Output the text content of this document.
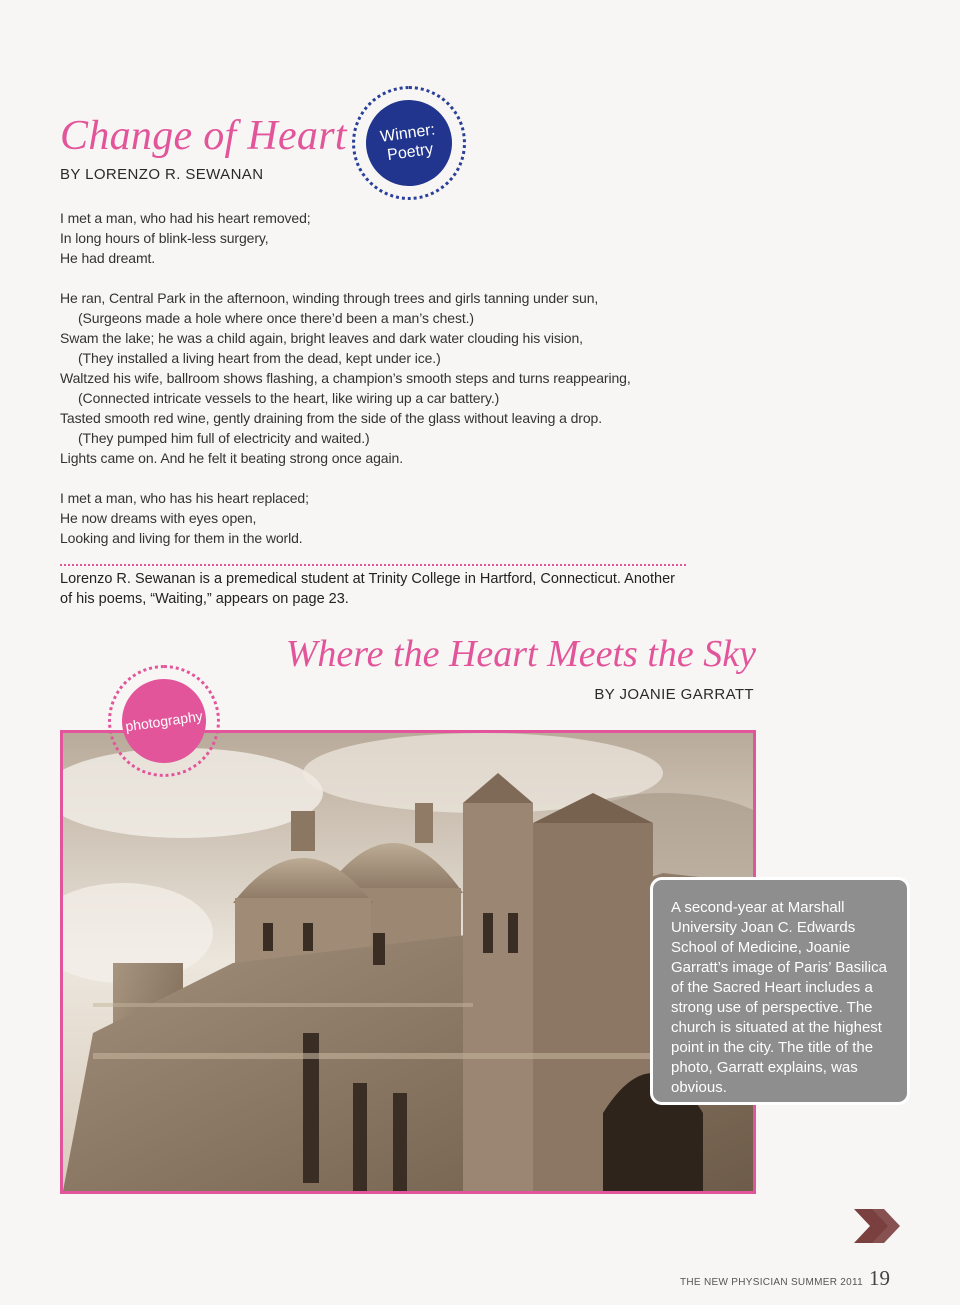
Change of Heart
BY LORENZO R. SEWANAN
Winner:
Poetry
I met a man, who had his heart removed;
In long hours of blink-less surgery,
He had dreamt.
He ran, Central Park in the afternoon, winding through trees and girls tanning under sun,
(Surgeons made a hole where once there’d been a man’s chest.)
Swam the lake; he was a child again, bright leaves and dark water clouding his vision,
(They installed a living heart from the dead, kept under ice.)
Waltzed his wife, ballroom shows flashing, a champion’s smooth steps and turns reappearing,
(Connected intricate vessels to the heart, like wiring up a car battery.)
Tasted smooth red wine, gently draining from the side of the glass without leaving a drop.
(They pumped him full of electricity and waited.)
Lights came on. And he felt it beating strong once again.
I met a man, who has his heart replaced;
He now dreams with eyes open,
Looking and living for them in the world.
Lorenzo R. Sewanan is a premedical student at Trinity College in Hartford, Connecticut. Another of his poems, “Waiting,” appears on page 23.
Where the Heart Meets the Sky
BY JOANIE GARRATT
photography
A second-year at Marshall University Joan C. Edwards School of Medicine, Joanie Garratt’s image of Paris’ Basilica of the Sacred Heart includes a strong use of perspective. The church is situated at the highest point in the city. The title of the photo, Garratt explains, was obvious.
THE NEW PHYSICIAN SUMMER 2011 19
